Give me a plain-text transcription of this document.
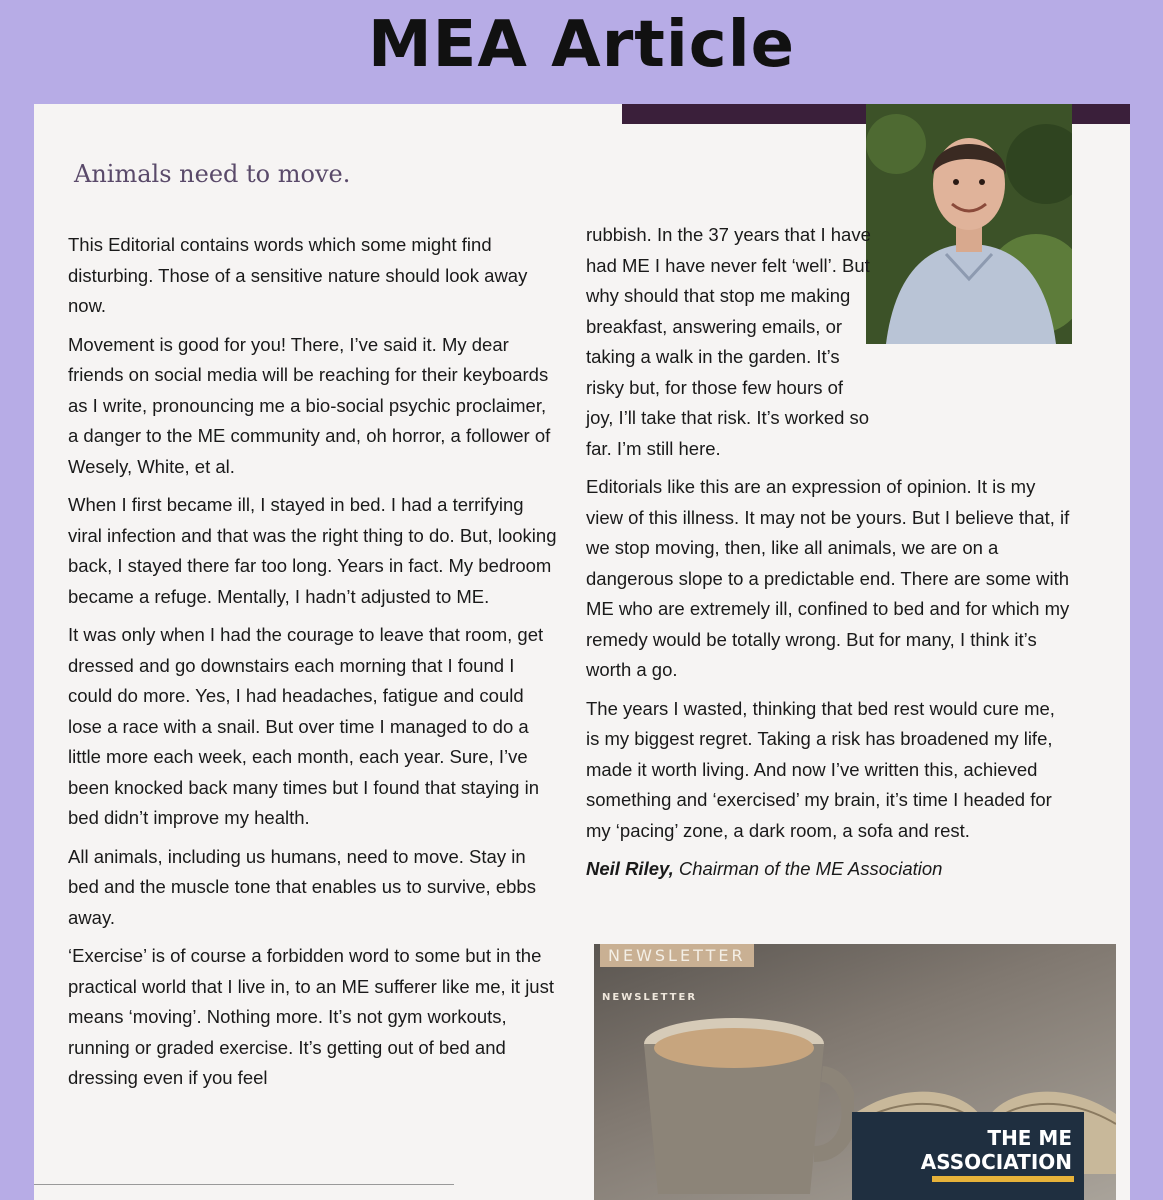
MEA Article
Animals need to move.

This Editorial contains words which some might find disturbing. Those of a sensitive nature should look away now.

Movement is good for you! There, I’ve said it. My dear friends on social media will be reaching for their keyboards as I write, pronouncing me a bio-social psychic proclaimer, a danger to the ME community and, oh horror, a follower of Wesely, White, et al.

When I first became ill, I stayed in bed. I had a terrifying viral infection and that was the right thing to do. But, looking back, I stayed there far too long. Years in fact. My bedroom became a refuge. Mentally, I hadn’t adjusted to ME.

It was only when I had the courage to leave that room, get dressed and go downstairs each morning that I found I could do more. Yes, I had headaches, fatigue and could lose a race with a snail. But over time I managed to do a little more each week, each month, each year. Sure, I’ve been knocked back many times but I found that staying in bed didn’t improve my health.

All animals, including us humans, need to move. Stay in bed and the muscle tone that enables us to survive, ebbs away.

‘Exercise’ is of course a forbidden word to some but in the practical world that I live in, to an ME sufferer like me, it just means ‘moving’. Nothing more. It’s not gym workouts, running or graded exercise. It’s getting out of bed and dressing even if you feel

rubbish. In the 37 years that I have had ME I have never felt ‘well’. But why should that stop me making breakfast, answering emails, or taking a walk in the garden. It’s risky but, for those few hours of joy, I’ll take that risk. It’s worked so far. I’m still here.

Editorials like this are an expression of opinion. It is my view of this illness. It may not be yours. But I believe that, if we stop moving, then, like all animals, we are on a dangerous slope to a predictable end. There are some with ME who are extremely ill, confined to bed and for which my remedy would be totally wrong. But for many, I think it’s worth a go.

The years I wasted, thinking that bed rest would cure me, is my biggest regret. Taking a risk has broadened my life, made it worth living. And now I’ve written this, achieved something and ‘exercised’ my brain, it’s time I headed for my ‘pacing’ zone, a dark room, a sofa and rest.

Neil Riley, Chairman of the ME Association

NEWSLETTER
NEWSLETTER
THE ME
ASSOCIATION
